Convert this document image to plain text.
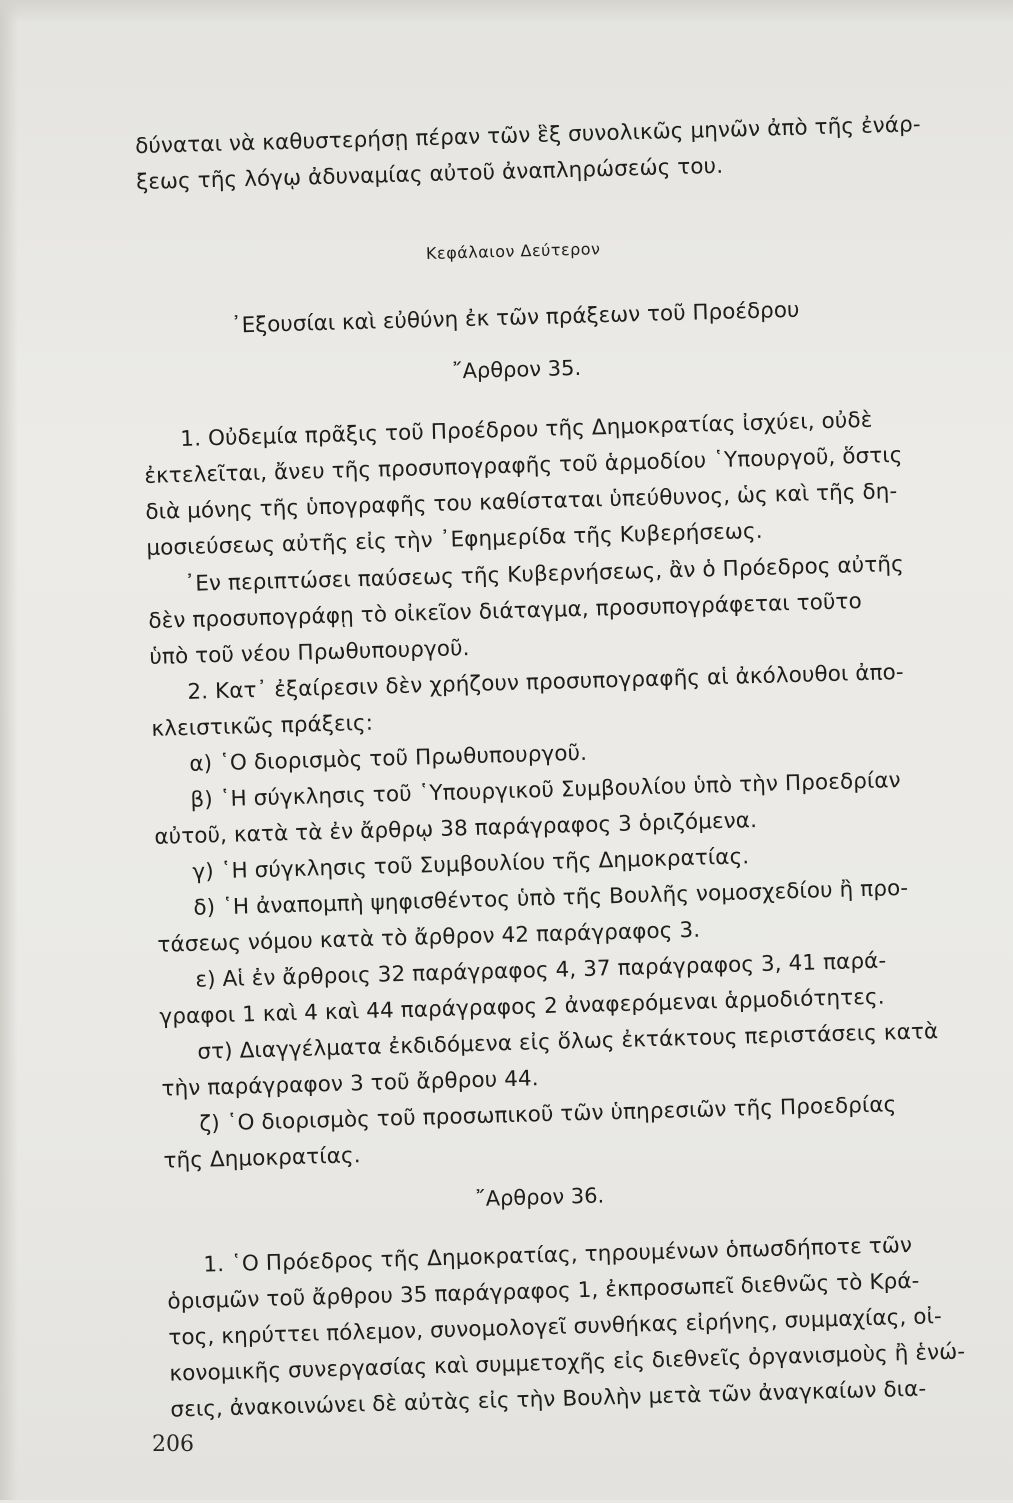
δύναται νὰ καθυστερήσῃ πέραν τῶν ἓξ συνολικῶς μηνῶν ἀπὸ τῆς ἐνάρ-
ξεως τῆς λόγῳ ἀδυναμίας αὐτοῦ ἀναπληρώσεώς του.
Κεφάλαιον Δεύτερον
᾿Εξουσίαι καὶ εὐθύνη ἐκ τῶν πράξεων τοῦ Προέδρου
῎Αρθρον 35.
1. Οὐδεμία πρᾶξις τοῦ Προέδρου τῆς Δημοκρατίας ἰσχύει, οὐδὲ
ἐκτελεῖται, ἄνευ τῆς προσυπογραφῆς τοῦ ἁρμοδίου ῾Υπουργοῦ, ὅστις
διὰ μόνης τῆς ὑπογραφῆς του καθίσταται ὑπεύθυνος, ὡς καὶ τῆς δη-
μοσιεύσεως αὐτῆς εἰς τὴν ᾿Εφημερίδα τῆς Κυβερήσεως.
᾿Εν περιπτώσει παύσεως τῆς Κυβερνήσεως, ἂν ὁ Πρόεδρος αὐτῆς
δὲν προσυπογράφῃ τὸ οἰκεῖον διάταγμα, προσυπογράφεται τοῦτο
ὑπὸ τοῦ νέου Πρωθυπουργοῦ.
2. Κατ᾿ ἐξαίρεσιν δὲν χρήζουν προσυπογραφῆς αἱ ἀκόλουθοι ἀπο-
κλειστικῶς πράξεις:
α) ῾Ο διορισμὸς τοῦ Πρωθυπουργοῦ.
β) ῾Η σύγκλησις τοῦ ῾Υπουργικοῦ Συμβουλίου ὑπὸ τὴν Προεδρίαν
αὐτοῦ, κατὰ τὰ ἐν ἄρθρῳ 38 παράγραφος 3 ὁριζόμενα.
γ) ῾Η σύγκλησις τοῦ Συμβουλίου τῆς Δημοκρατίας.
δ) ῾Η ἀναπομπὴ ψηφισθέντος ὑπὸ τῆς Βουλῆς νομοσχεδίου ἢ προ-
τάσεως νόμου κατὰ τὸ ἄρθρον 42 παράγραφος 3.
ε) Αἱ ἐν ἄρθροις 32 παράγραφος 4, 37 παράγραφος 3, 41 παρά-
γραφοι 1 καὶ 4 καὶ 44 παράγραφος 2 ἀναφερόμεναι ἁρμοδιότητες.
στ) Διαγγέλματα ἐκδιδόμενα εἰς ὅλως ἐκτάκτους περιστάσεις κατὰ
τὴν παράγραφον 3 τοῦ ἄρθρου 44.
ζ) ῾Ο διορισμὸς τοῦ προσωπικοῦ τῶν ὑπηρεσιῶν τῆς Προεδρίας
τῆς Δημοκρατίας.
῎Αρθρον 36.
1. ῾Ο Πρόεδρος τῆς Δημοκρατίας, τηρουμένων ὁπωσδήποτε τῶν
ὁρισμῶν τοῦ ἄρθρου 35 παράγραφος 1, ἐκπροσωπεῖ διεθνῶς τὸ Κρά-
τος, κηρύττει πόλεμον, συνομολογεῖ συνθήκας εἰρήνης, συμμαχίας, οἰ-
κονομικῆς συνεργασίας καὶ συμμετοχῆς εἰς διεθνεῖς ὀργανισμοὺς ἢ ἑνώ-
σεις, ἀνακοινώνει δὲ αὐτὰς εἰς τὴν Βουλὴν μετὰ τῶν ἀναγκαίων δια-
206
